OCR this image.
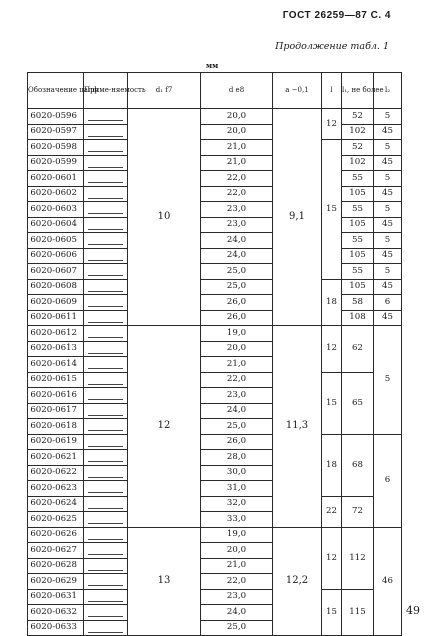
ГОСТ 26259—87 С. 4
Продолжение табл. 1
мм
Обозначение цапф	Приме-няемость	d₁ f7	d e8	a −0,1	l	l₁, не более	l₂
6020-0596		10	20,0	9,1	12	52	5
6020-0597			20,0			102	45
6020-0598			21,0		15	52	5
6020-0599			21,0			102	45
6020-0601			22,0			55	5
6020-0602			22,0			105	45
6020-0603			23,0			55	5
6020-0604			23,0			105	45
6020-0605			24,0			55	5
6020-0606			24,0			105	45
6020-0607			25,0			55	5
6020-0608			25,0		18	105	45
6020-0609			26,0			58	6
6020-0611			26,0			108	45
6020-0612		12	19,0	11,3	12	62	5
6020-0613			20,0				
6020-0614			21,0				
6020-0615			22,0		15	65	
6020-0616			23,0				
6020-0617			24,0				
6020-0618			25,0				
6020-0619			26,0		18	68	6
6020-0621			28,0				
6020-0622			30,0				
6020-0623			31,0				
6020-0624			32,0		22	72	
6020-0625			33,0				
6020-0626		13	19,0	12,2	12	112	46
6020-0627			20,0				
6020-0628			21,0				
6020-0629			22,0				
6020-0631			23,0		15	115	
6020-0632			24,0				
6020-0633			25,0				
49
